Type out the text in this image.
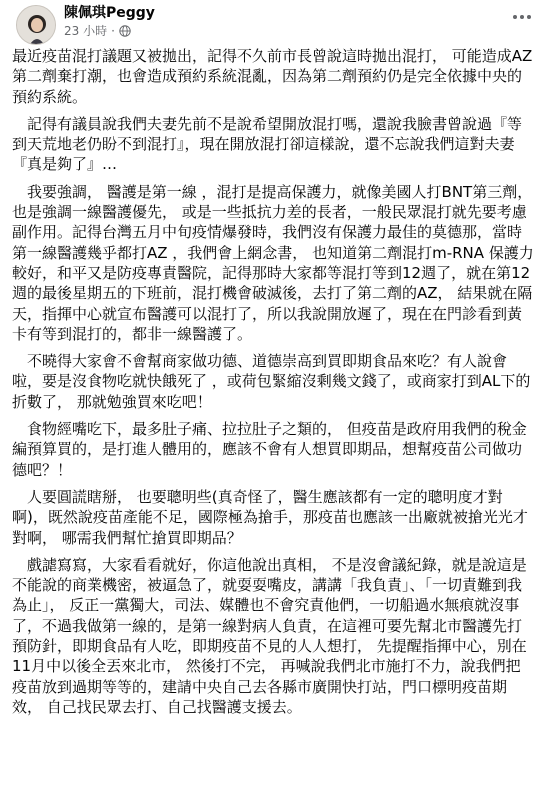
陳佩琪Peggy
23 小時 ·

最近疫苗混打議題又被拋出，記得不久前市長曾說這時拋出混打， 可能造成AZ第二劑棄打潮，也會造成預約系統混亂，因為第二劑預約仍是完全依據中央的預約系統。

　記得有議員說我們夫妻先前不是說希望開放混打嗎，還說我臉書曾說過『等到天荒地老仍盼不到混打』，現在開放混打卻這樣說，還不忘說我們這對夫妻『真是夠了』…

　我要強調， 醫護是第一線 ，混打是提高保護力，就像美國人打BNT第三劑，也是強調一線醫護優先， 或是一些抵抗力差的長者，一般民眾混打就先要考慮副作用。記得台灣五月中旬疫情爆發時，我們沒有保護力最佳的莫德那，當時第一線醫護幾乎都打AZ ，我們會上網念書， 也知道第二劑混打m-RNA 保護力較好，和平又是防疫專責醫院，記得那時大家都等混打等到12週了，就在第12週的最後星期五的下班前，混打機會破滅後，去打了第二劑的AZ， 結果就在隔天，指揮中心就宣布醫護可以混打了，所以我說開放遲了，現在在門診看到黃卡有等到混打的，都非一線醫護了。

　不曉得大家會不會幫商家做功德、道德崇高到買即期食品來吃？有人說會啦，要是沒食物吃就快餓死了 ，或荷包緊縮沒剩幾文錢了，或商家打到AL下的折數了， 那就勉強買來吃吧！

　食物經嘴吃下，最多肚子痛、拉拉肚子之類的， 但疫苗是政府用我們的稅金編預算買的，是打進人體用的，應該不會有人想買即期品，想幫疫苗公司做功德吧？！

　人要圓謊瞎掰， 也要聰明些(真奇怪了，醫生應該都有一定的聰明度才對啊)，既然說疫苗產能不足，國際極為搶手，那疫苗也應該一出廠就被搶光光才對啊， 哪需我們幫忙搶買即期品？

　戲謔寫寫，大家看看就好，你這他說出真相， 不是沒會議紀錄，就是說這是不能說的商業機密，被逼急了，就耍耍嘴皮，講講「我負責」、「一切責難到我為止」， 反正一黨獨大，司法、媒體也不會究責他們，一切船過水無痕就沒事了，不過我做第一線的，是第一線對病人負責，在這裡可要先幫北市醫護先打預防針，即期食品有人吃，即期疫苗不見的人人想打， 先提醒指揮中心，別在11月中以後全丟來北市， 然後打不完， 再喊說我們北市施打不力，說我們把疫苗放到過期等等的，建請中央自己去各縣市廣開快打站，門口標明疫苗期效， 自己找民眾去打、自己找醫護支援去。
